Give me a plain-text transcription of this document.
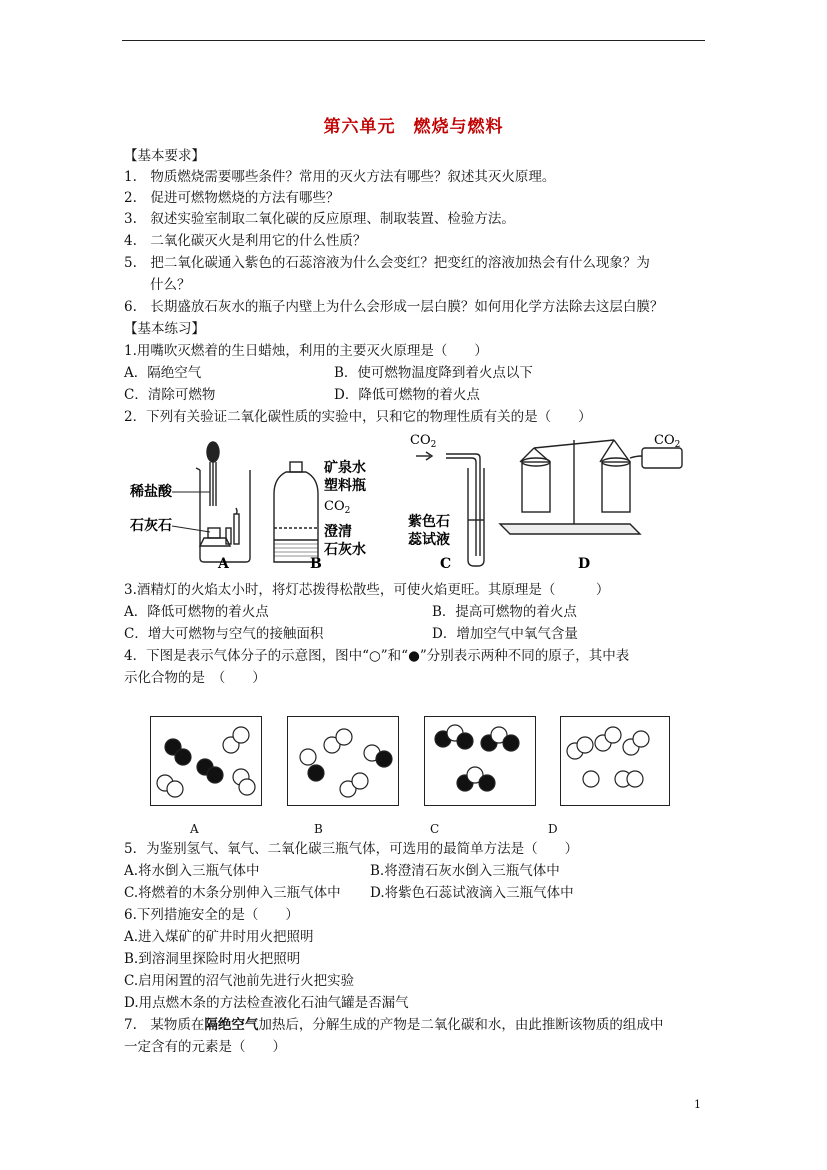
第六单元　燃烧与燃料
【基本要求】
1.　物质燃烧需要哪些条件？常用的灭火方法有哪些？叙述其灭火原理。
2.　促进可燃物燃烧的方法有哪些？
3.　叙述实验室制取二氧化碳的反应原理、制取装置、检验方法。
4.　二氧化碳灭火是利用它的什么性质？
5.　把二氧化碳通入紫色的石蕊溶液为什么会变红？把变红的溶液加热会有什么现象？为
什么？
6.　长期盛放石灰水的瓶子内壁上为什么会形成一层白膜？如何用化学方法除去这层白膜？
【基本练习】
1.用嘴吹灭燃着的生日蜡烛，利用的主要灭火原理是（　　）
A．隔绝空气	B．使可燃物温度降到着火点以下
C．清除可燃物	D．降低可燃物的着火点
2．下列有关验证二氧化碳性质的实验中，只和它的物理性质有关的是（　　）
稀盐酸
石灰石
A
矿泉水
塑料瓶
$CO_2$
澄清
石灰水
B
$CO_2$
紫色石
蕊试液
C
$CO_2$
D
3.酒精灯的火焰太小时，将灯芯拨得松散些，可使火焰更旺。其原理是（　　　）
A．降低可燃物的着火点	B．提高可燃物的着火点
C．增大可燃物与空气的接触面积	D．增加空气中氧气含量
4．下图是表示气体分子的示意图，图中“○”和“●”分别表示两种不同的原子，其中表
示化合物的是　（　　）
A	B	C	D
5．为鉴别氢气、氧气、二氧化碳三瓶气体，可选用的最简单方法是（　　）
A.将水倒入三瓶气体中	B.将澄清石灰水倒入三瓶气体中
C.将燃着的木条分别伸入三瓶气体中 D.将紫色石蕊试液滴入三瓶气体中
6.下列措施安全的是（　　）
A.进入煤矿的矿井时用火把照明
B.到溶洞里探险时用火把照明
C.启用闲置的沼气池前先进行火把实验
D.用点燃木条的方法检查液化石油气罐是否漏气
7.　某物质在隔绝空气加热后，分解生成的产物是二氧化碳和水，由此推断该物质的组成中
一定含有的元素是（　　）
1
